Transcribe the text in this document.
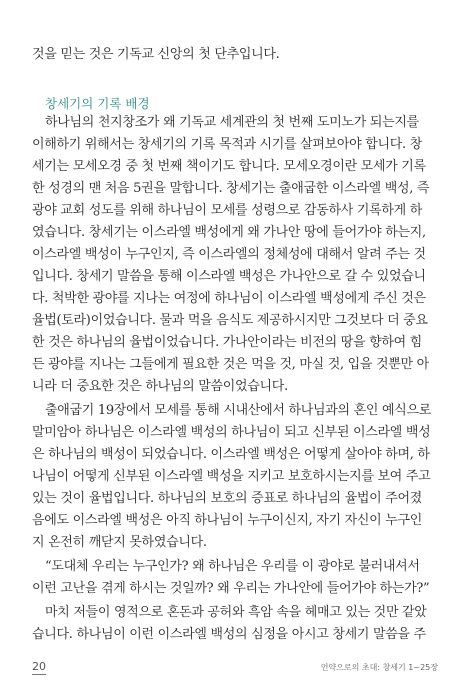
것을 믿는 것은 기독교 신앙의 첫 단추입니다.
창세기의 기록 배경
하나님의 천지창조가 왜 기독교 세계관의 첫 번째 도미노가 되는지를
이해하기 위해서는 창세기의 기록 목적과 시기를 살펴보아야 합니다. 창
세기는 모세오경 중 첫 번째 책이기도 합니다. 모세오경이란 모세가 기록
한 성경의 맨 처음 5권을 말합니다. 창세기는 출애굽한 이스라엘 백성, 즉
광야 교회 성도를 위해 하나님이 모세를 성령으로 감동하사 기록하게 하
였습니다. 창세기는 이스라엘 백성에게 왜 가나안 땅에 들어가야 하는지,
이스라엘 백성이 누구인지, 즉 이스라엘의 정체성에 대해서 알려 주는 것
입니다. 창세기 말씀을 통해 이스라엘 백성은 가나안으로 갈 수 있었습니
다. 척박한 광야를 지나는 여정에 하나님이 이스라엘 백성에게 주신 것은
율법(토라)이었습니다. 물과 먹을 음식도 제공하시지만 그것보다 더 중요
한 것은 하나님의 율법이었습니다. 가나안이라는 비전의 땅을 향하여 힘
든 광야를 지나는 그들에게 필요한 것은 먹을 것, 마실 것, 입을 것뿐만 아
니라 더 중요한 것은 하나님의 말씀이었습니다.
출애굽기 19장에서 모세를 통해 시내산에서 하나님과의 혼인 예식으로
말미암아 하나님은 이스라엘 백성의 하나님이 되고 신부된 이스라엘 백성
은 하나님의 백성이 되었습니다. 이스라엘 백성은 어떻게 살아야 하며, 하
나님이 어떻게 신부된 이스라엘 백성을 지키고 보호하시는지를 보여 주고
있는 것이 율법입니다. 하나님의 보호의 증표로 하나님의 율법이 주어졌
음에도 이스라엘 백성은 아직 하나님이 누구이신지, 자기 자신이 누구인
지 온전히 깨닫지 못하였습니다.
“도대체 우리는 누구인가? 왜 하나님은 우리를 이 광야로 불러내셔서
이런 고난을 겪게 하시는 것일까? 왜 우리는 가나안에 들어가야 하는가?”
마치 저들이 영적으로 혼돈과 공허와 흑암 속을 헤매고 있는 것만 같았
습니다. 하나님이 이런 이스라엘 백성의 심정을 아시고 창세기 말씀을 주
20	언약으로의 초대: 창세기 1~25장
